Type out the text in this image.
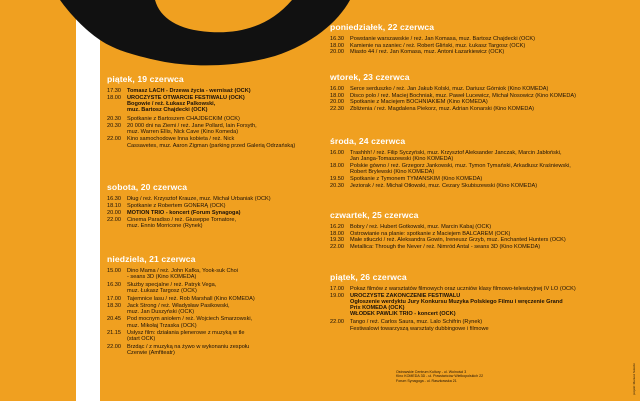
piątek, 19 czerwca
17.30 Tomasz LACH - Drzewa życia - wernisaż (OCK)
18.00 UROCZYSTE OTWARCIE FESTIWALU (OCK)
Bogowie / reż. Łukasz Palkowski,
muz. Bartosz Chajdecki (OCK)
20.30 Spotkanie z Bartoszem CHAJDECKIM (OCK)
20.30 20 000 dni na Ziemi / reż. Jane Pollard, Iain Forsyth,
muz. Warren Ellis, Nick Cave (Kino Komeda)
22.00 Kino samochodowe Inna kobieta / reż. Nick
Cassavetes, muz. Aaron Zigman (parking przed Galerią Odrzańską)
sobota, 20 czerwca
16.30 Dług / reż. Krzysztof Krauze, muz. Michał Urbaniak (OCK)
18.10 Spotkanie z Robertem GONERĄ (OCK)
20.00 MOTION TRIO - koncert (Forum Synagoga)
22.00 Cinema Paradiso / reż. Giuseppe Tornatore,
muz. Ennio Morricone (Rynek)
niedziela, 21 czerwca
15.00 Dino Mama / reż. John Kafka, Yook-suk Choi
- seans 3D (Kino KOMEDA)
16.30 Służby specjalne / reż. Patryk Vega,
muz. Łukasz Targosz (OCK)
17.00 Tajemnice lasu / reż. Rob Marshall (Kino KOMEDA)
18.30 Jack Strong / reż. Władysław Pasikowski,
muz. Jan Duszyński (OCK)
20.45 Pod mocnym aniołem / reż. Wojciech Smarzowski,
muz. Mikołaj Trzaska (OCK)
21.15 Usłysz film: działania plenerowe z muzyką w tle
(start OCK)
22.00 Brzdąc / z muzyką na żywo w wykonaniu zespołu
Czerwie (Amfiteatr)
poniedziałek, 22 czerwca
16.30 Powstanie warszawskie / reż. Jan Komasa, muz. Bartosz Chajdecki (OCK)
18.00 Kamienie na szaniec / reż. Robert Gliński, muz. Łukasz Targosz (OCK)
20.00 Miasto 44 / reż. Jan Komasa, muz. Antoni Łazarkiewicz (OCK)
wtorek, 23 czerwca
16.00 Serce serduszko / reż. Jan Jakub Kolski, muz. Dariusz Górniok (Kino KOMEDA)
18.00 Disco polo / reż. Maciej Bochniak, muz. Paweł Lucewicz, Michał Nosowicz (Kino KOMEDA)
20.00 Spotkanie z Maciejem BOCHNIAKIEM (Kino KOMEDA)
22.30 Zbliżenia / reż. Magdalena Piekorz, muz. Adrian Konarski (Kino KOMEDA)
środa, 24 czerwca
16.00 Trashhh! / reż. Filip Syczyński, muz. Krzysztof Aleksander Janczak, Marcin Jabłoński,
Jan Janga-Tomaszewski (Kino KOMEDA)
18.00 Polskie gówno / reż. Grzegorz Jankowski, muz. Tymon Tymański, Arkadiusz Kraśniewski,
Robert Brylewski (Kino KOMEDA)
19.50 Spotkanie z Tymonem TYMAŃSKIM (Kino KOMEDA)
20.30 Jeziorak / reż. Michał Otłowski, muz. Cezary Skubiszewski (Kino KOMEDA)
czwartek, 25 czerwca
16.20 Bobry / reż. Hubert Gotkowski, muz. Marcin Kabaj (OCK)
18.00 Ostrowianie na planie: spotkanie z Maciejem BALCAREM (OCK)
19.30 Małe stłuczki / reż. Aleksandra Gowin, Ireneusz Grzyb, muz. Enchanted Hunters (OCK)
22.00 Metallica: Through the Never / reż. Nimród Antal - seans 3D (Kino KOMEDA)
piątek, 26 czerwca
17.00 Pokaz filmów z warsztatów filmowych oraz uczniów klasy filmowo-telewizyjnej IV LO (OCK)
19.00 UROCZYSTE ZAKOŃCZENIE FESTIWALU
Ogłoszenie werdyktu Jury Konkursu Muzyka Polskiego Filmu i wręczenie Grand
Prix KOMEDA (OCK)
WŁODEK PAWLIK TRIO - koncert (OCK)
22.00 Tango / reż. Carlos Saura, muz. Lalo Schifrin (Rynek)
Festiwalowi towarzyszą warsztaty dubbingowe i filmowe
Ostrowskie Centrum Kultury - ul. Wolności 3
Kino KOMEDA 3D - ul. Powstańców Wielkopolskich 22
Forum Synagoga - ul. Raszkowska 21	projekt: Mariusz Solecki
